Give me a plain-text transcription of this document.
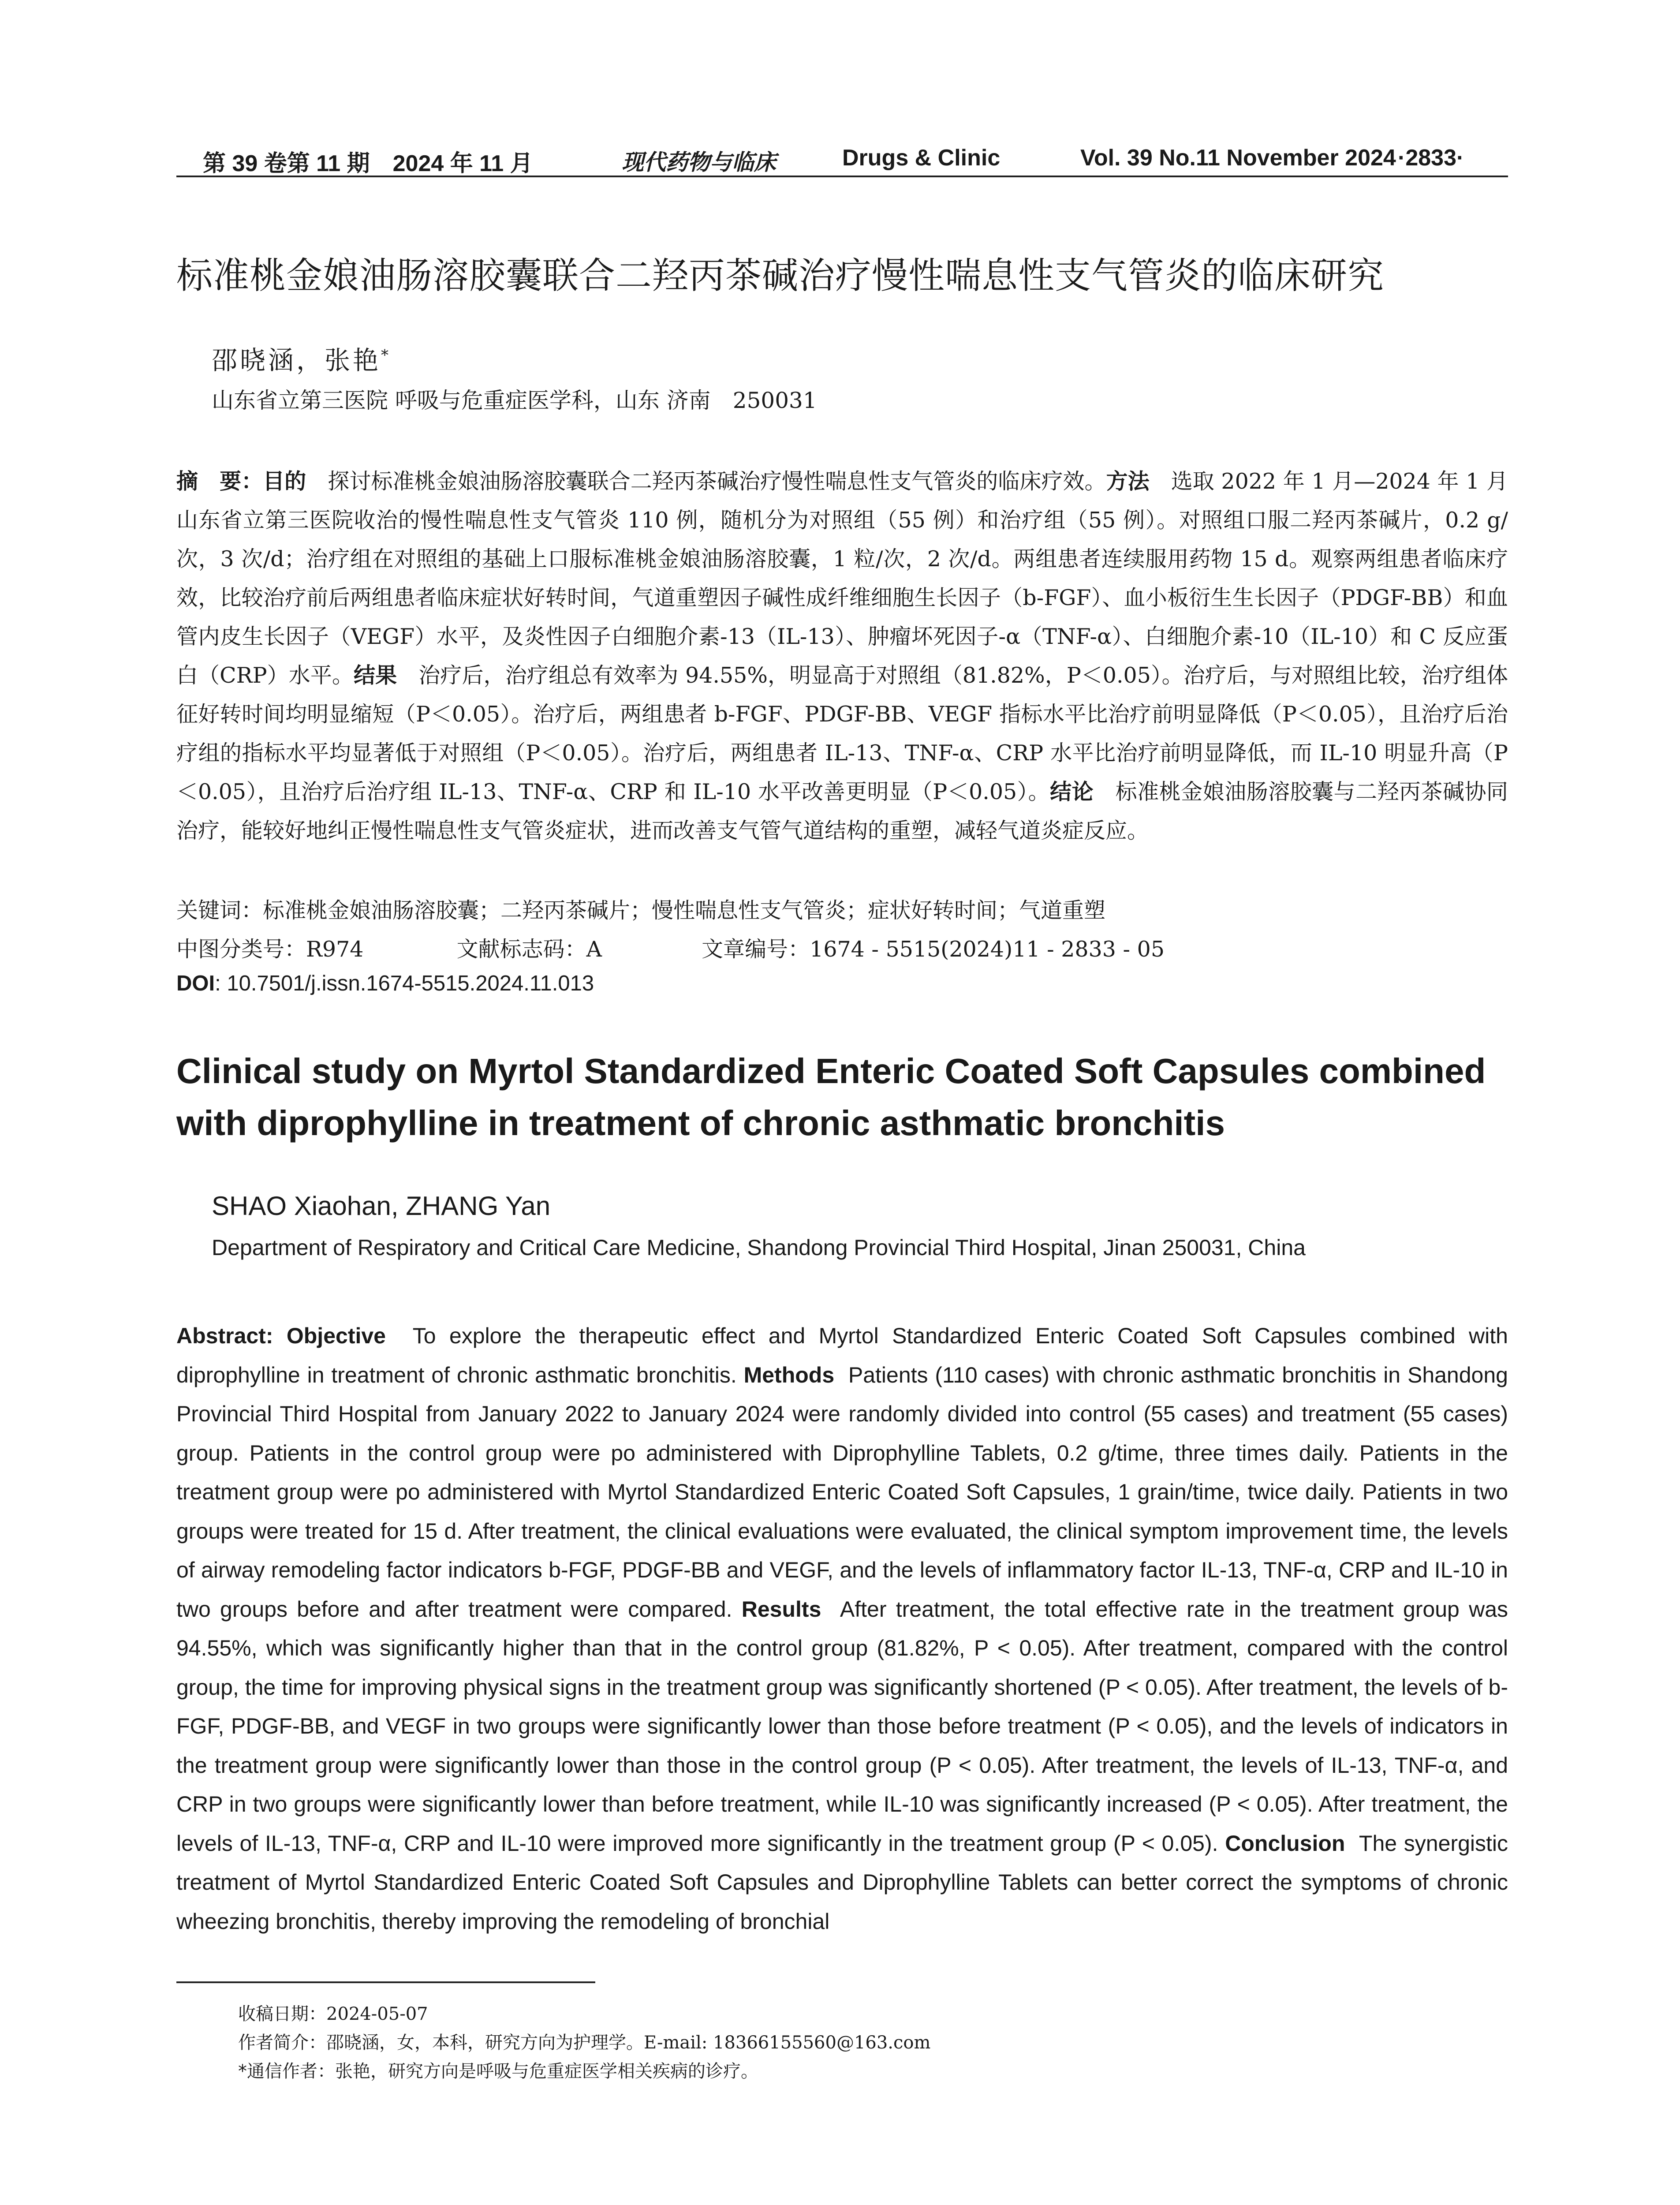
第 39 卷第 11 期　2024 年 11 月	现代药物与临床	Drugs & Clinic	Vol. 39 No.11 November 2024 ·2833·
标准桃金娘油肠溶胶囊联合二羟丙茶碱治疗慢性喘息性支气管炎的临床研究
邵晓涵，张艳*
山东省立第三医院 呼吸与危重症医学科，山东 济南　250031
摘　要：目的　 探讨标准桃金娘油肠溶胶囊联合二羟丙茶碱治疗慢性喘息性支气管炎的临床疗效。方法　 选取 2022 年 1 月—2024 年 1 月山东省立第三医院收治的慢性喘息性支气管炎 110 例，随机分为对照组（55 例）和治疗组（55 例）。对照组口服二羟丙茶碱片，0.2 g/次，3 次/d；治疗组在对照组的基础上口服标准桃金娘油肠溶胶囊，1 粒/次，2 次/d。两组患者连续服用药物 15 d。观察两组患者临床疗效，比较治疗前后两组患者临床症状好转时间，气道重塑因子碱性成纤维细胞生长因子（b-FGF）、血小板衍生生长因子（PDGF-BB）和血管内皮生长因子（VEGF）水平，及炎性因子白细胞介素-13（IL-13）、肿瘤坏死因子-α（TNF-α）、白细胞介素-10（IL-10）和 C 反应蛋白（CRP）水平。结果　 治疗后，治疗组总有效率为 94.55%，明显高于对照组（81.82%，P＜0.05）。治疗后，与对照组比较，治疗组体征好转时间均明显缩短（P＜0.05）。治疗后，两组患者 b-FGF、PDGF-BB、VEGF 指标水平比治疗前明显降低（P＜0.05），且治疗后治疗组的指标水平均显著低于对照组（P＜0.05）。治疗后，两组患者 IL-13、TNF-α、CRP 水平比治疗前明显降低，而 IL-10 明显升高（P＜0.05），且治疗后治疗组 IL-13、TNF-α、CRP 和 IL-10 水平改善更明显（P＜0.05）。结论　 标准桃金娘油肠溶胶囊与二羟丙茶碱协同治疗，能较好地纠正慢性喘息性支气管炎症状，进而改善支气管气道结构的重塑，减轻气道炎症反应。
关键词：标准桃金娘油肠溶胶囊；二羟丙茶碱片；慢性喘息性支气管炎；症状好转时间；气道重塑
中图分类号：R974	文献标志码：A	文章编号：1674 - 5515(2024)11 - 2833 - 05
DOI: 10.7501/j.issn.1674-5515.2024.11.013
Clinical study on Myrtol Standardized Enteric Coated Soft Capsules combined with diprophylline in treatment of chronic asthmatic bronchitis
SHAO Xiaohan, ZHANG Yan
Department of Respiratory and Critical Care Medicine, Shandong Provincial Third Hospital, Jinan 250031, China
Abstract: Objective To explore the therapeutic effect and Myrtol Standardized Enteric Coated Soft Capsules combined with diprophylline in treatment of chronic asthmatic bronchitis. Methods Patients (110 cases) with chronic asthmatic bronchitis in Shandong Provincial Third Hospital from January 2022 to January 2024 were randomly divided into control (55 cases) and treatment (55 cases) group. Patients in the control group were po administered with Diprophylline Tablets, 0.2 g/time, three times daily. Patients in the treatment group were po administered with Myrtol Standardized Enteric Coated Soft Capsules, 1 grain/time, twice daily. Patients in two groups were treated for 15 d. After treatment, the clinical evaluations were evaluated, the clinical symptom improvement time, the levels of airway remodeling factor indicators b-FGF, PDGF-BB and VEGF, and the levels of inflammatory factor IL-13, TNF-α, CRP and IL-10 in two groups before and after treatment were compared. Results After treatment, the total effective rate in the treatment group was 94.55%, which was significantly higher than that in the control group (81.82%, P < 0.05). After treatment, compared with the control group, the time for improving physical signs in the treatment group was significantly shortened (P < 0.05). After treatment, the levels of b-FGF, PDGF-BB, and VEGF in two groups were significantly lower than those before treatment (P < 0.05), and the levels of indicators in the treatment group were significantly lower than those in the control group (P < 0.05). After treatment, the levels of IL-13, TNF-α, and CRP in two groups were significantly lower than before treatment, while IL-10 was significantly increased (P < 0.05). After treatment, the levels of IL-13, TNF-α, CRP and IL-10 were improved more significantly in the treatment group (P < 0.05). Conclusion The synergistic treatment of Myrtol Standardized Enteric Coated Soft Capsules and Diprophylline Tablets can better correct the symptoms of chronic wheezing bronchitis, thereby improving the remodeling of bronchial
收稿日期：2024-05-07
作者简介：邵晓涵，女，本科，研究方向为护理学。E-mail: 18366155560@163.com
*通信作者：张艳，研究方向是呼吸与危重症医学相关疾病的诊疗。
